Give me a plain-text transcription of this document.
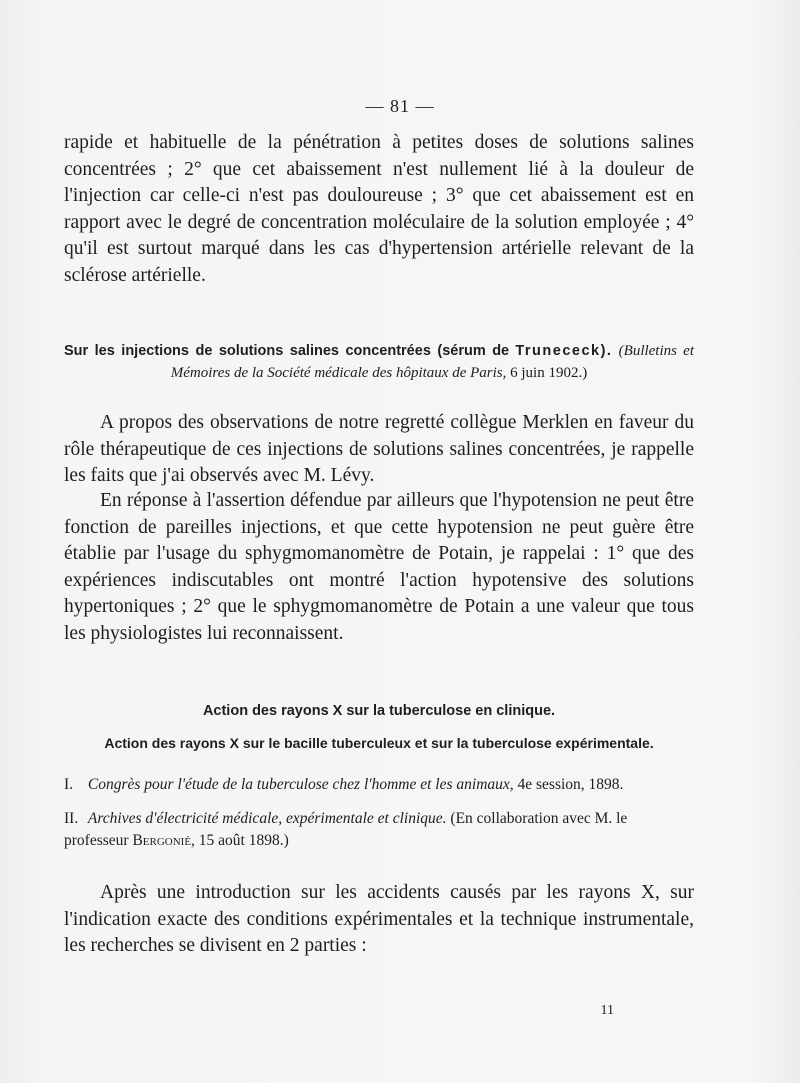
— 81 —

rapide et habituelle de la pénétration à petites doses de solutions salines concentrées ; 2° que cet abaissement n'est nullement lié à la douleur de l'injection car celle-ci n'est pas douloureuse ; 3° que cet abaissement est en rapport avec le degré de concentration moléculaire de la solution employée ; 4° qu'il est surtout marqué dans les cas d'hypertension artérielle relevant de la sclérose artérielle.

Sur les injections de solutions salines concentrées (sérum de Trunececk). (Bulletins et
Mémoires de la Société médicale des hôpitaux de Paris, 6 juin 1902.)

A propos des observations de notre regretté collègue Merklen en faveur du rôle thérapeutique de ces injections de solutions salines concentrées, je rappelle les faits que j'ai observés avec M. Lévy.

En réponse à l'assertion défendue par ailleurs que l'hypotension ne peut être fonction de pareilles injections, et que cette hypotension ne peut guère être établie par l'usage du sphygmomanomètre de Potain, je rappelai : 1° que des expériences indiscutables ont montré l'action hypotensive des solutions hypertoniques ; 2° que le sphygmomanomètre de Potain a une valeur que tous les physiologistes lui reconnaissent.

Action des rayons X sur la tuberculose en clinique.
Action des rayons X sur le bacille tuberculeux et sur la tuberculose expérimentale.
I. Congrès pour l'étude de la tuberculose chez l'homme et les animaux, 4e session, 1898.
II. Archives d'électricité médicale, expérimentale et clinique. (En collaboration avec M. le professeur Bergonié, 15 août 1898.)

Après une introduction sur les accidents causés par les rayons X, sur l'indication exacte des conditions expérimentales et la technique instrumentale, les recherches se divisent en 2 parties :

11
